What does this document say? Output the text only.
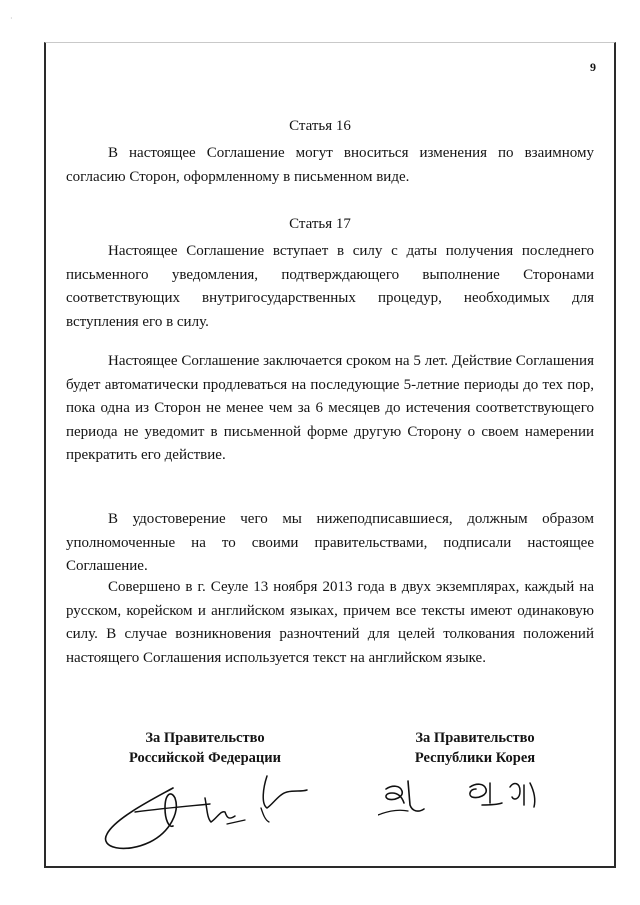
·
9
Статья 16

В настоящее Соглашение могут вноситься изменения по взаимному согласию Сторон, оформленному в письменном виде.

Статья 17

Настоящее Соглашение вступает в силу с даты получения последнего письменного уведомления, подтверждающего выполнение Сторонами соответствующих внутригосударственных процедур, необходимых для вступления его в силу.

Настоящее Соглашение заключается сроком на 5 лет. Действие Соглашения будет автоматически продлеваться на последующие 5-летние периоды до тех пор, пока одна из Сторон не менее чем за 6 месяцев до истечения соответствующего периода не уведомит в письменной форме другую Сторону о своем намерении прекратить его действие.

В удостоверение чего мы нижеподписавшиеся, должным образом уполномоченные на то своими правительствами, подписали настоящее Соглашение.

Совершено в г. Сеуле 13 ноября 2013 года в двух экземплярах, каждый на русском, корейском и английском языках, причем все тексты имеют одинаковую силу. В случае возникновения разночтений для целей толкования положений настоящего Соглашения используется текст на английском языке.

За Правительство
Российской Федерации
За Правительство
Республики Корея
